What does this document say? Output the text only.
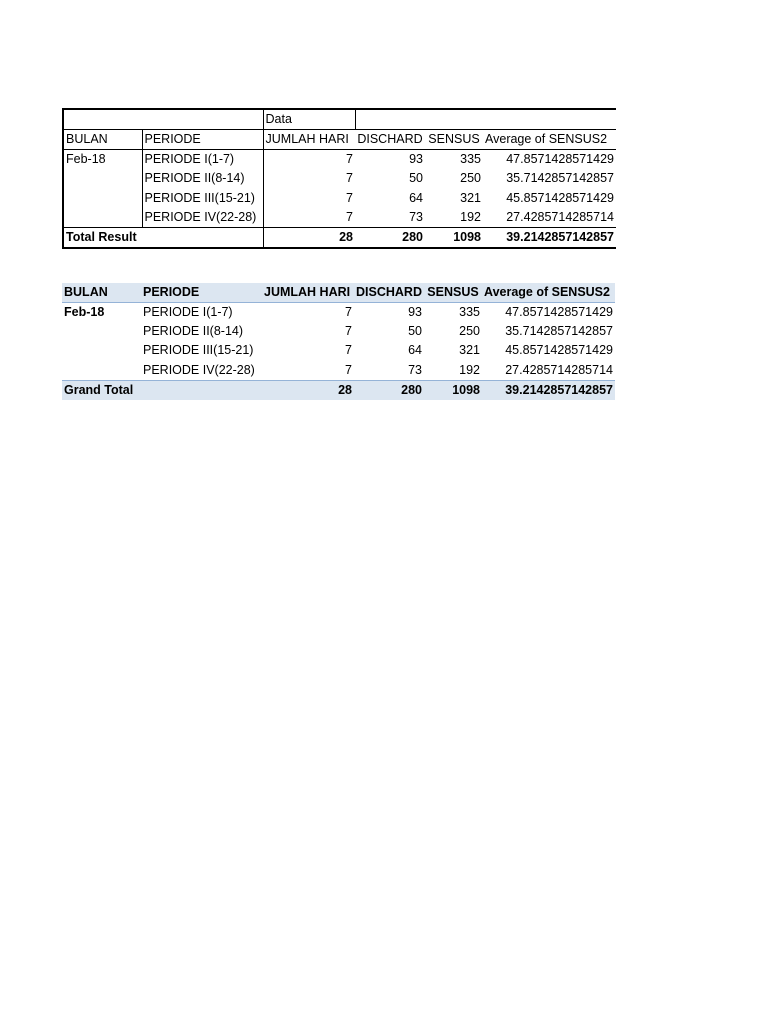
		Data			
BULAN	PERIODE	JUMLAH HARI	DISCHARD	SENSUS	Average of SENSUS2
Feb-18	PERIODE I(1-7)	7	93	335	47.8571428571429
	PERIODE II(8-14)	7	50	250	35.7142857142857
	PERIODE III(15-21)	7	64	321	45.8571428571429
	PERIODE IV(22-28)	7	73	192	27.4285714285714
Total Result		28	280	1098	39.2142857142857
BULAN	PERIODE	JUMLAH HARI	DISCHARD	SENSUS	Average of SENSUS2
Feb-18	PERIODE I(1-7)	7	93	335	47.8571428571429
	PERIODE II(8-14)	7	50	250	35.7142857142857
	PERIODE III(15-21)	7	64	321	45.8571428571429
	PERIODE IV(22-28)	7	73	192	27.4285714285714
Grand Total		28	280	1098	39.2142857142857
